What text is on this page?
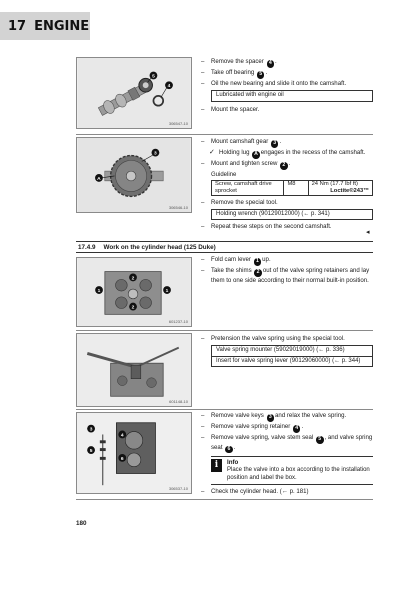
17 ENGINE
5
4
306547-10
– Remove the spacer 4 .
– Take off bearing 5 .
– Oil the new bearing and slide it onto the camshaft.
Lubricated with engine oil
– Mount the spacer.
3
A
306546-10
– Mount camshaft gear 3 .
✓ Holding lug A engages in the recess of the camshaft.
– Mount and tighten screw 2 .
Guideline
Screw, camshaft drive sprocket	M8	24 Nm (17.7 lbf ft)
Loctite®243™
– Remove the special tool.
Holding wrench (90129012000) (← p. 341)
– Repeat these steps on the second camshaft.
◂
17.4.9 Work on the cylinder head (125 Duke)
2
1	1
2
601237-10
– Fold cam lever 1 up.
– Take the shims 2 out of the valve spring retainers and lay them to one side according to their normal built-in position.
601148-10
– Pretension the valve spring using the special tool.
Valve spring mounter (59029019000) (← p. 336)
Insert for valve spring lever (90129060000) (← p. 344)
3
4
5
6
306537-10
– Remove valve keys 3 and relax the valve spring.
– Remove valve spring retainer 4 .
– Remove valve spring, valve stem seal 5 , and valve spring seat 6 .
i	Info
Place the valve into a box according to the installation position and label the box.
– Check the cylinder head. (← p. 181)
180
